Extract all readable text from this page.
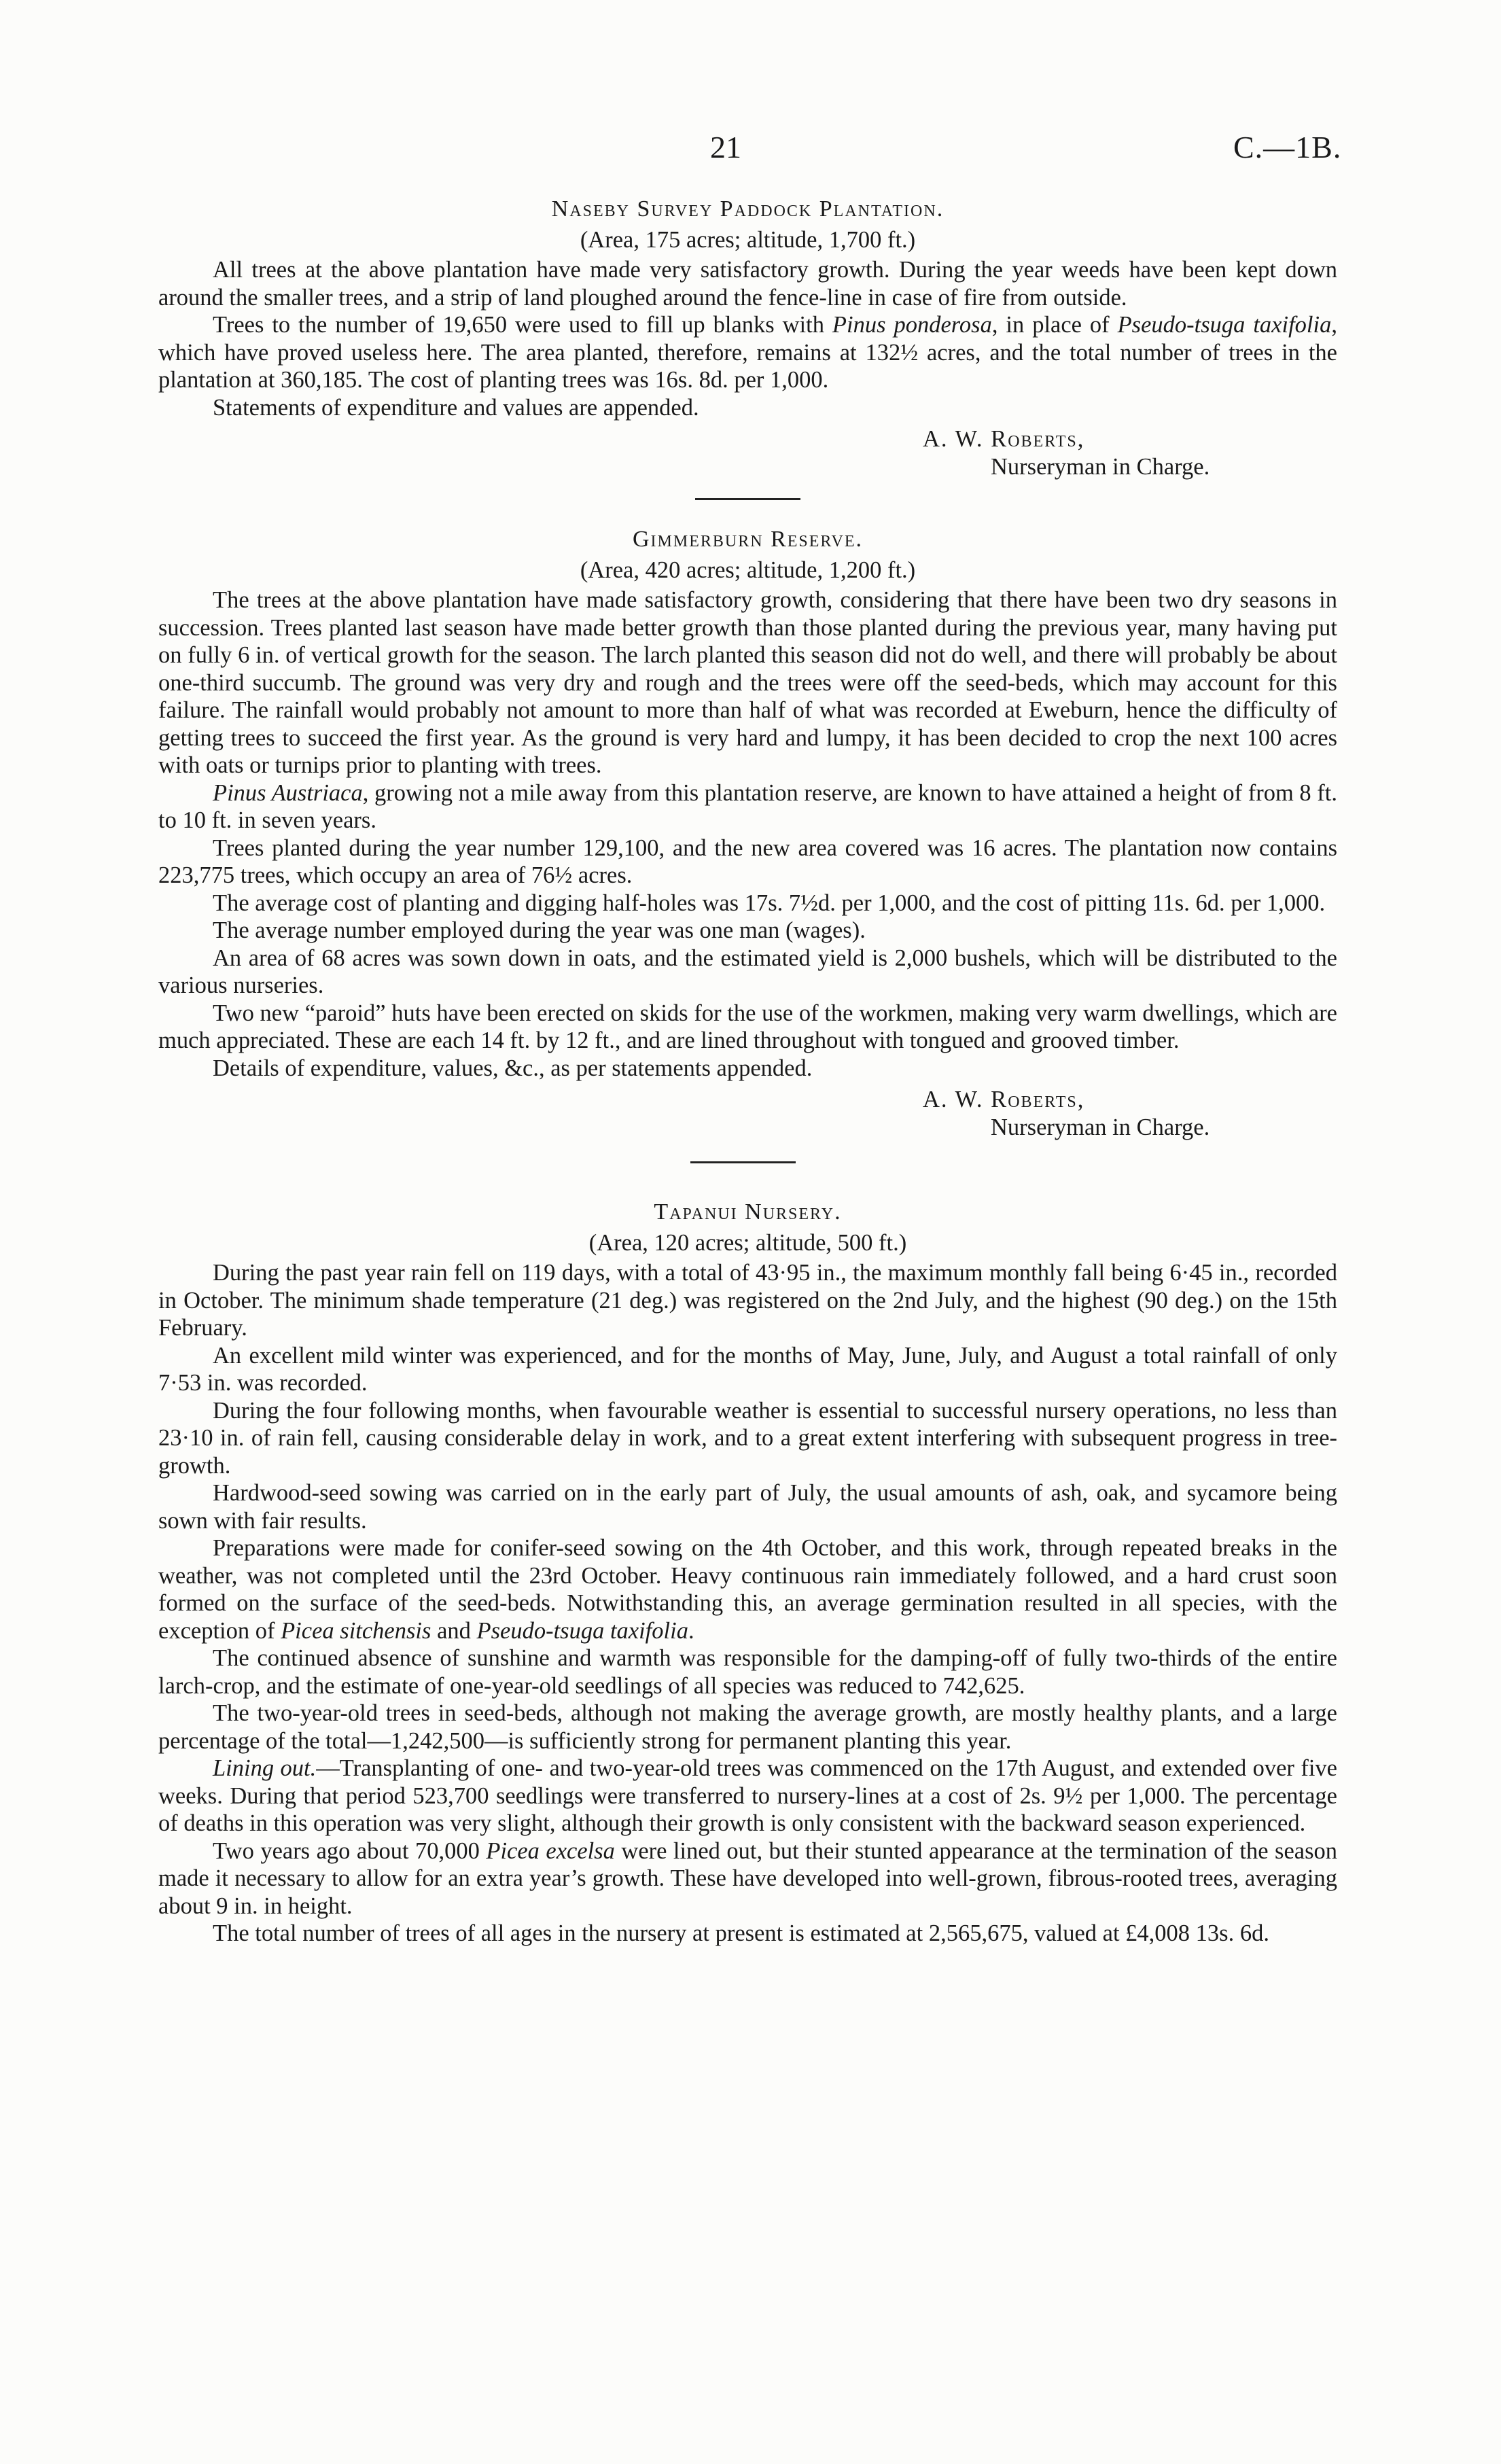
21	C.—1B.
Naseby Survey Paddock Plantation.
(Area, 175 acres; altitude, 1,700 ft.)

All trees at the above plantation have made very satisfactory growth. During the year weeds have been kept down around the smaller trees, and a strip of land ploughed around the fence-line in case of fire from outside.

Trees to the number of 19,650 were used to fill up blanks with Pinus ponderosa, in place of Pseudo-tsuga taxifolia, which have proved useless here. The area planted, therefore, remains at 132½ acres, and the total number of trees in the plantation at 360,185. The cost of planting trees was 16s. 8d. per 1,000.

Statements of expenditure and values are appended.

A. W. Roberts,
Nurseryman in Charge.
Gimmerburn Reserve.
(Area, 420 acres; altitude, 1,200 ft.)

The trees at the above plantation have made satisfactory growth, considering that there have been two dry seasons in succession. Trees planted last season have made better growth than those planted during the previous year, many having put on fully 6 in. of vertical growth for the season. The larch planted this season did not do well, and there will probably be about one-third succumb. The ground was very dry and rough and the trees were off the seed-beds, which may account for this failure. The rainfall would probably not amount to more than half of what was recorded at Eweburn, hence the difficulty of getting trees to succeed the first year. As the ground is very hard and lumpy, it has been decided to crop the next 100 acres with oats or turnips prior to planting with trees.

Pinus Austriaca, growing not a mile away from this plantation reserve, are known to have attained a height of from 8 ft. to 10 ft. in seven years.

Trees planted during the year number 129,100, and the new area covered was 16 acres. The plantation now contains 223,775 trees, which occupy an area of 76½ acres.

The average cost of planting and digging half-holes was 17s. 7½d. per 1,000, and the cost of pitting 11s. 6d. per 1,000.

The average number employed during the year was one man (wages).

An area of 68 acres was sown down in oats, and the estimated yield is 2,000 bushels, which will be distributed to the various nurseries.

Two new “paroid” huts have been erected on skids for the use of the workmen, making very warm dwellings, which are much appreciated. These are each 14 ft. by 12 ft., and are lined throughout with tongued and grooved timber.

Details of expenditure, values, &c., as per statements appended.

A. W. Roberts,
Nurseryman in Charge.
Tapanui Nursery.
(Area, 120 acres; altitude, 500 ft.)

During the past year rain fell on 119 days, with a total of 43·95 in., the maximum monthly fall being 6·45 in., recorded in October. The minimum shade temperature (21 deg.) was registered on the 2nd July, and the highest (90 deg.) on the 15th February.

An excellent mild winter was experienced, and for the months of May, June, July, and August a total rainfall of only 7·53 in. was recorded.

During the four following months, when favourable weather is essential to successful nursery operations, no less than 23·10 in. of rain fell, causing considerable delay in work, and to a great extent interfering with subsequent progress in tree-growth.

Hardwood-seed sowing was carried on in the early part of July, the usual amounts of ash, oak, and sycamore being sown with fair results.

Preparations were made for conifer-seed sowing on the 4th October, and this work, through repeated breaks in the weather, was not completed until the 23rd October. Heavy continuous rain immediately followed, and a hard crust soon formed on the surface of the seed-beds. Notwithstanding this, an average germination resulted in all species, with the exception of Picea sitchensis and Pseudo-tsuga taxifolia.

The continued absence of sunshine and warmth was responsible for the damping-off of fully two-thirds of the entire larch-crop, and the estimate of one-year-old seedlings of all species was reduced to 742,625.

The two-year-old trees in seed-beds, although not making the average growth, are mostly healthy plants, and a large percentage of the total—1,242,500—is sufficiently strong for permanent planting this year.

Lining out.—Transplanting of one- and two-year-old trees was commenced on the 17th August, and extended over five weeks. During that period 523,700 seedlings were transferred to nursery-lines at a cost of 2s. 9½ per 1,000. The percentage of deaths in this operation was very slight, although their growth is only consistent with the backward season experienced.

Two years ago about 70,000 Picea excelsa were lined out, but their stunted appearance at the termination of the season made it necessary to allow for an extra year’s growth. These have developed into well-grown, fibrous-rooted trees, averaging about 9 in. in height.

The total number of trees of all ages in the nursery at present is estimated at 2,565,675, valued at £4,008 13s. 6d.
